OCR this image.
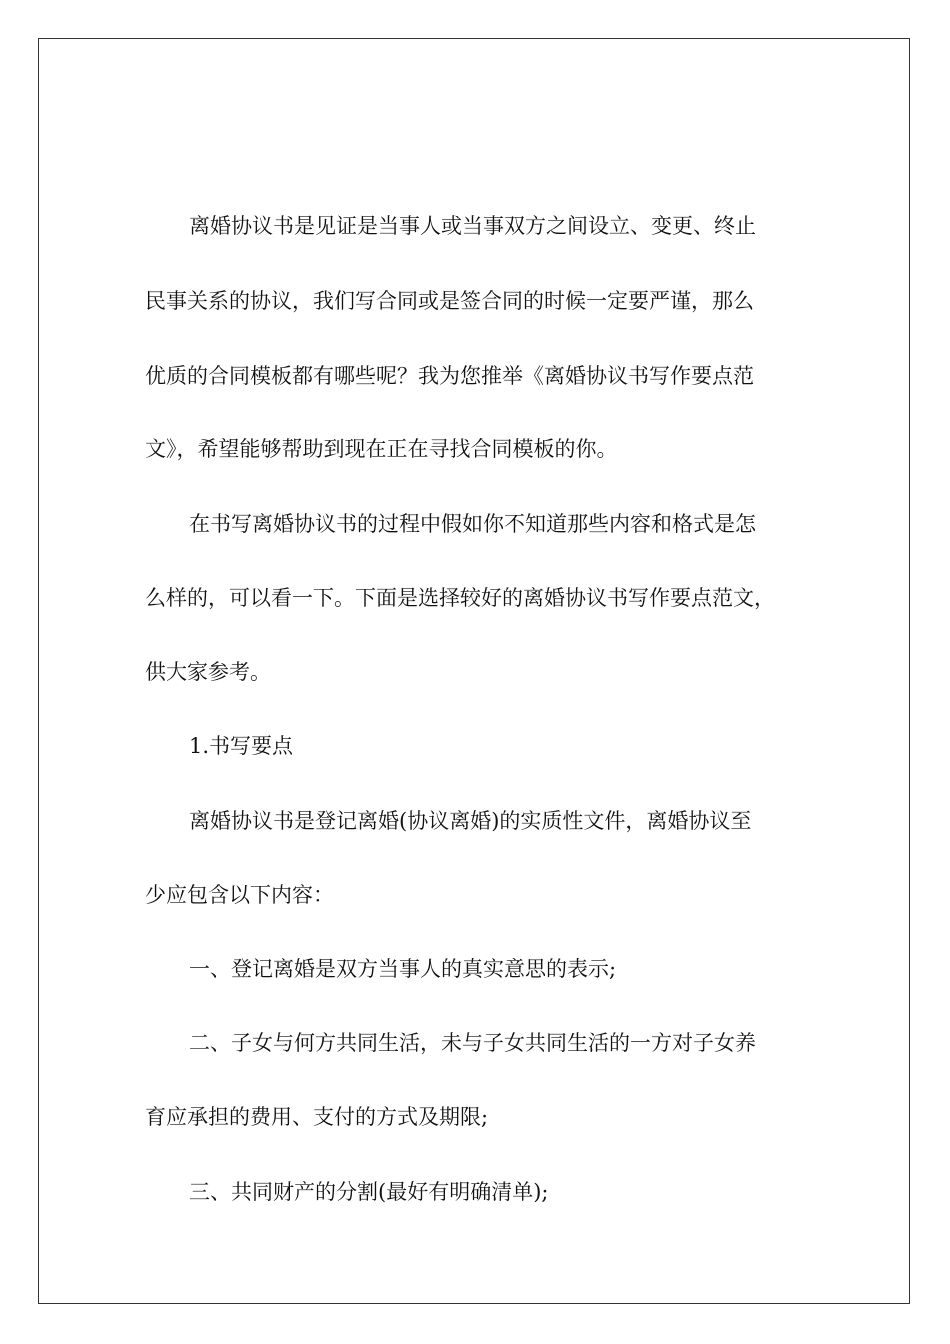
离婚协议书是见证是当事人或当事双方之间设立、变更、终止
民事关系的协议，我们写合同或是签合同的时候一定要严谨，那么
优质的合同模板都有哪些呢？我为您推举《离婚协议书写作要点范
文》，希望能够帮助到现在正在寻找合同模板的你。
在书写离婚协议书的过程中假如你不知道那些内容和格式是怎
么样的，可以看一下。下面是选择较好的离婚协议书写作要点范文，
供大家参考。
1.书写要点
离婚协议书是登记离婚(协议离婚)的实质性文件，离婚协议至
少应包含以下内容：
一、登记离婚是双方当事人的真实意思的表示;
二、子女与何方共同生活，未与子女共同生活的一方对子女养
育应承担的费用、支付的方式及期限;
三、共同财产的分割(最好有明确清单);
